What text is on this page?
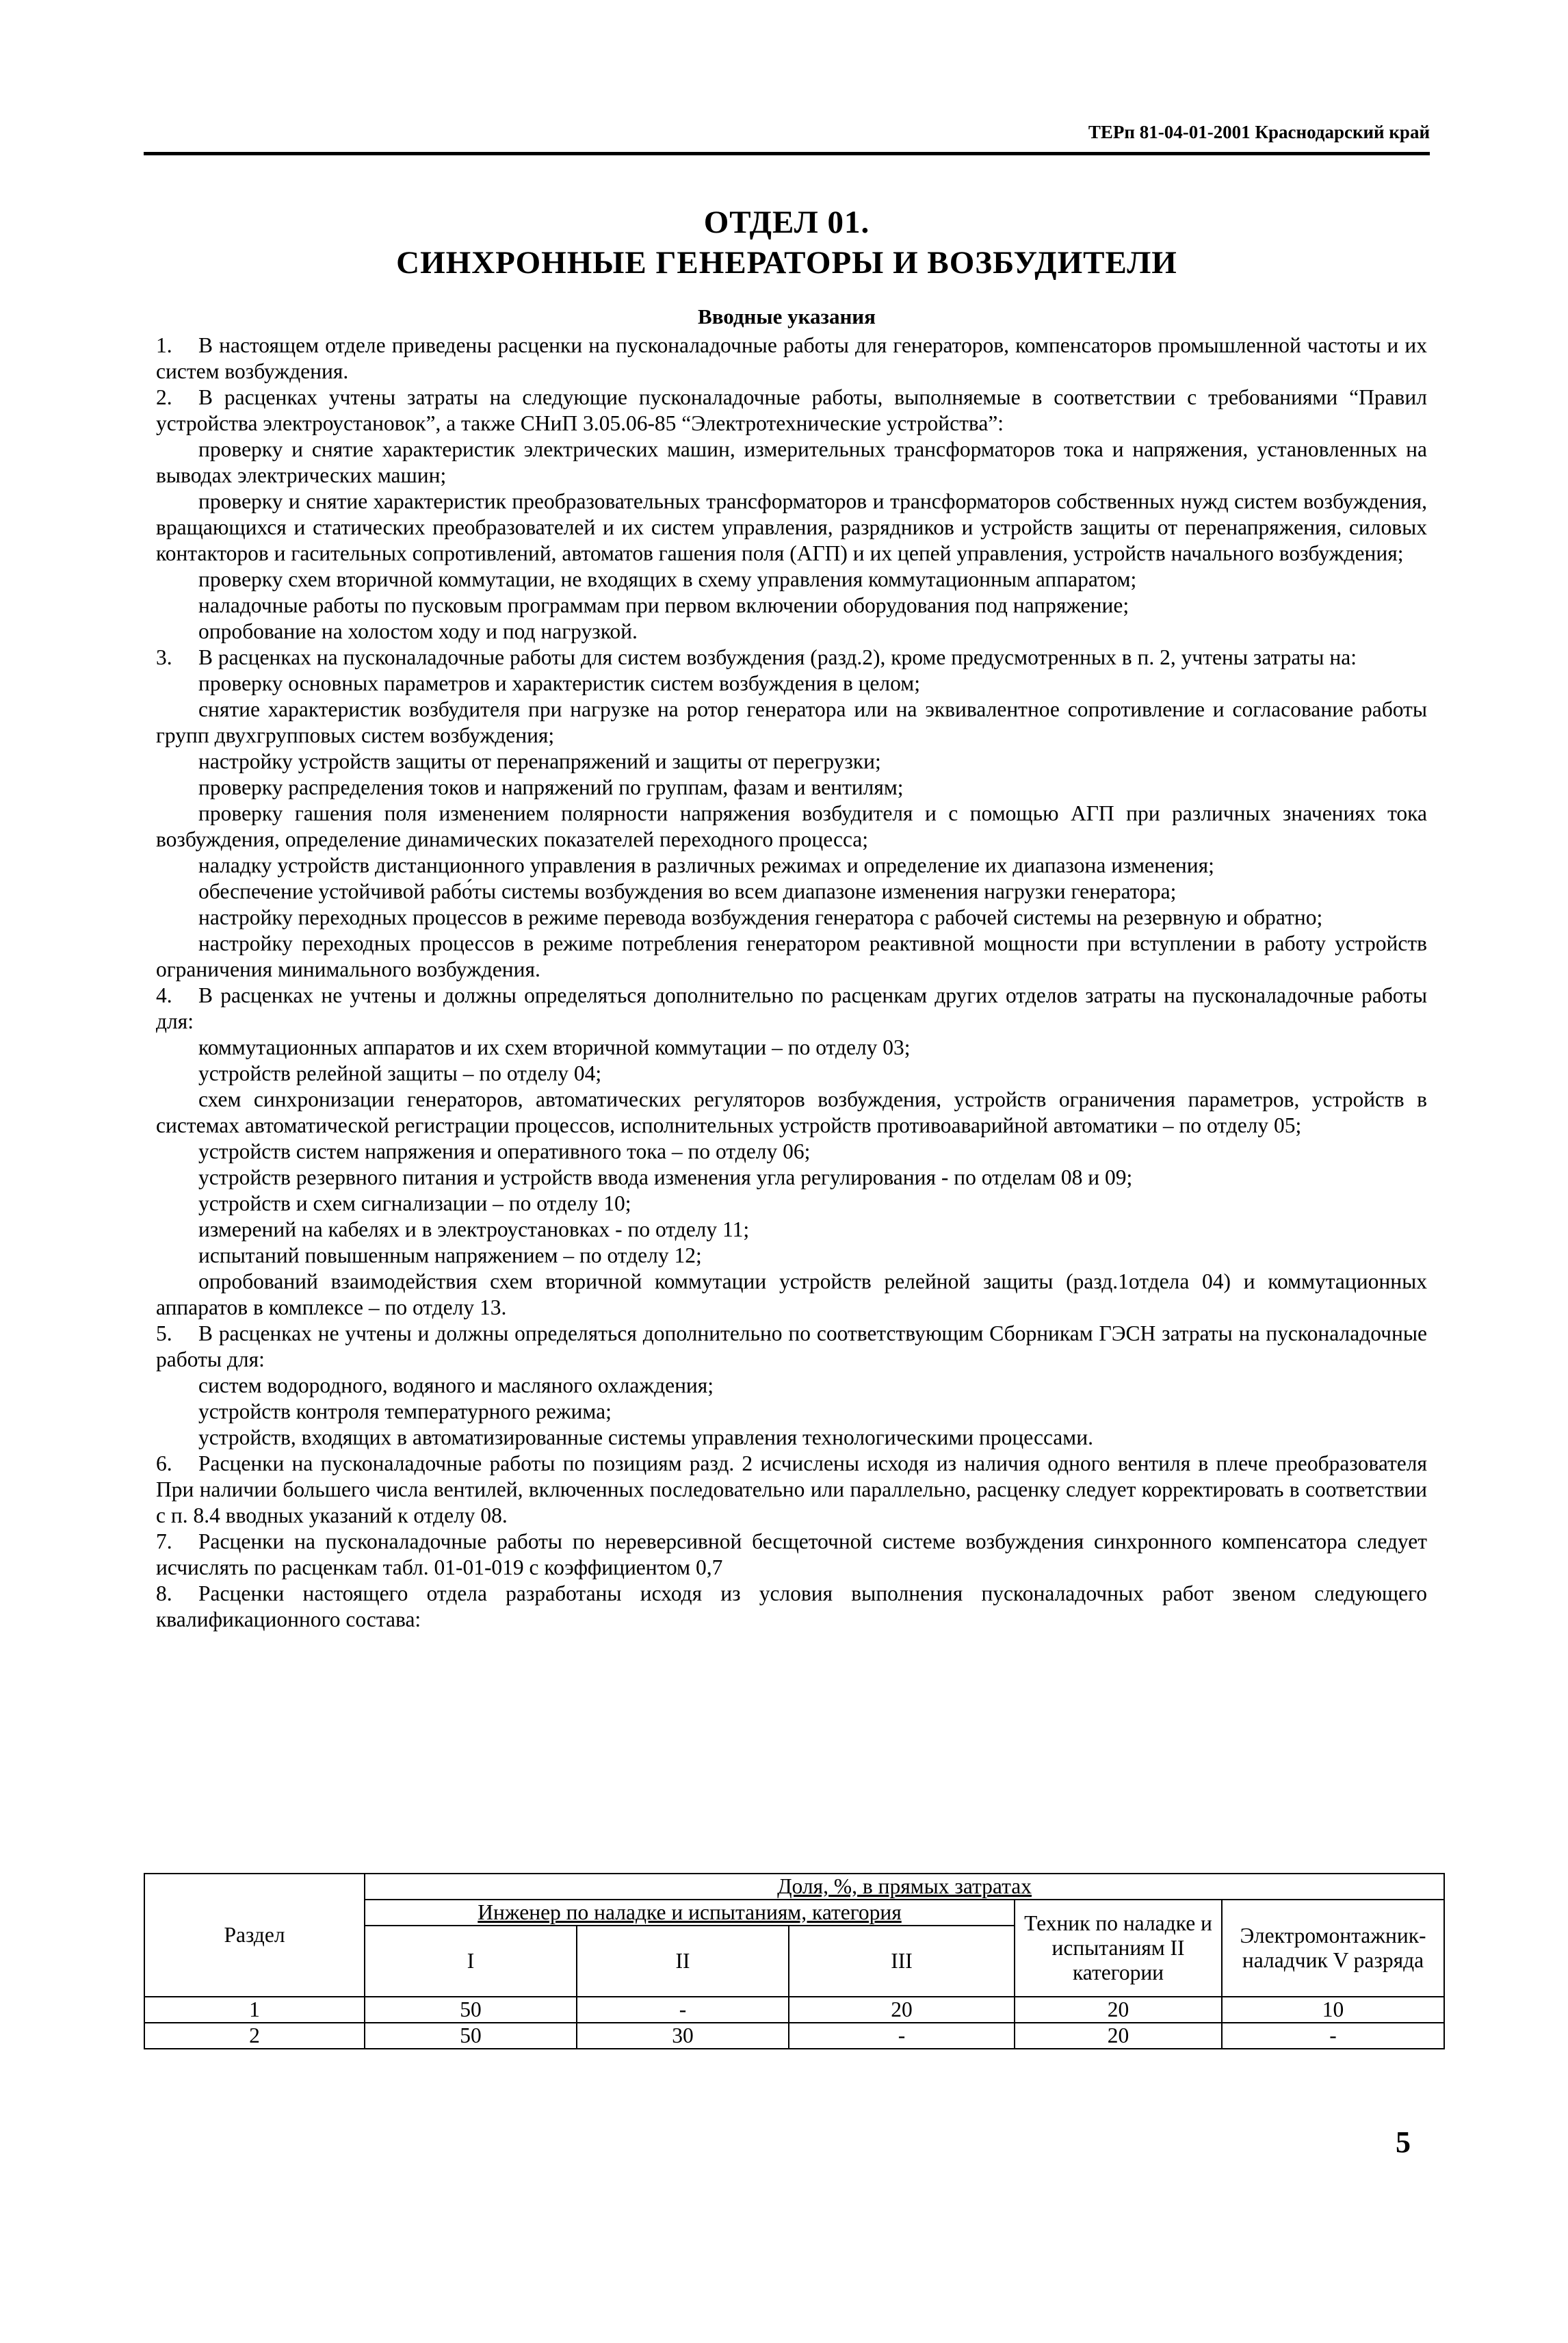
ТЕРп 81-04-01-2001 Краснодарский край
ОТДЕЛ 01.
СИНХРОННЫЕ ГЕНЕРАТОРЫ И ВОЗБУДИТЕЛИ
Вводные указания

1. В настоящем отделе приведены расценки на пусконаладочные работы для генераторов, компенсаторов промышленной частоты и их систем возбуждения.

2. В расценках учтены затраты на следующие пусконаладочные работы, выполняемые в соответствии с требованиями “Правил устройства электроустановок”, а также СНиП 3.05.06-85 “Электротехнические устройства”:

проверку и снятие характеристик электрических машин, измерительных трансформаторов тока и напряжения, установленных на выводах электрических машин;

проверку и снятие характеристик преобразовательных трансформаторов и трансформаторов собственных нужд систем возбуждения, вращающихся и статических преобразователей и их систем управления, разрядников и устройств защиты от перенапряжения, силовых контакторов и гасительных сопротивлений, автоматов гашения поля (АГП) и их цепей управления, устройств начального возбуждения;

проверку схем вторичной коммутации, не входящих в схему управления коммутационным аппаратом;

наладочные работы по пусковым программам при первом включении оборудования под напряжение;

опробование на холостом ходу и под нагрузкой.

3. В расценках на пусконаладочные работы для систем возбуждения (разд.2), кроме предусмотренных в п. 2, учтены затраты на:

проверку основных параметров и характеристик систем возбуждения в целом;

снятие характеристик возбудителя при нагрузке на ротор генератора или на эквивалентное сопротивление и согласование работы групп двухгрупповых систем возбуждения;

настройку устройств защиты от перенапряжений и защиты от перегрузки;

проверку распределения токов и напряжений по группам, фазам и вентилям;

проверку гашения поля изменением полярности напряжения возбудителя и с помощью АГП при различных значениях тока возбуждения, определение динамических показателей переходного процесса;

наладку устройств дистанционного управления в различных режимах и определение их диапазона изменения;

обеспечение устойчивой рабо́ты системы возбуждения во всем диапазоне изменения нагрузки генератора;

настройку переходных процессов в режиме перевода возбуждения генератора с рабочей системы на резервную и обратно;

настройку переходных процессов в режиме потребления генератором реактивной мощности при вступлении в работу устройств ограничения минимального возбуждения.

4. В расценках не учтены и должны определяться дополнительно по расценкам других отделов затраты на пусконаладочные работы для:

коммутационных аппаратов и их схем вторичной коммутации – по отделу 03;

устройств релейной защиты – по отделу 04;

схем синхронизации генераторов, автоматических регуляторов возбуждения, устройств ограничения параметров, устройств в системах автоматической регистрации процессов, исполнительных устройств противоаварийной автоматики – по отделу 05;

устройств систем напряжения и оперативного тока – по отделу 06;

устройств резервного питания и устройств ввода изменения угла регулирования - по отделам 08 и 09;

устройств и схем сигнализации – по отделу 10;

измерений на кабелях и в электроустановках - по отделу 11;

испытаний повышенным напряжением – по отделу 12;

опробований взаимодействия схем вторичной коммутации устройств релейной защиты (разд.1отдела 04) и коммутационных аппаратов в комплексе – по отделу 13.

5. В расценках не учтены и должны определяться дополнительно по соответствующим Сборникам ГЭСН затраты на пусконаладочные работы для:

систем водородного, водяного и масляного охлаждения;

устройств контроля температурного режима;

устройств, входящих в автоматизированные системы управления технологическими процессами.

6. Расценки на пусконаладочные работы по позициям разд. 2 исчислены исходя из наличия одного вентиля в плече преобразователя При наличии большего числа вентилей, включенных последовательно или параллельно, расценку следует корректировать в соответствии с п. 8.4 вводных указаний к отделу 08.

7. Расценки на пусконаладочные работы по нереверсивной бесщеточной системе возбуждения синхронного компенсатора следует исчислять по расценкам табл. 01-01-019 с коэффициентом 0,7

8. Расценки настоящего отдела разработаны исходя из условия выполнения пусконаладочных работ звеном следующего квалификационного состава:

Раздел	Доля, %, в прямых затратах				
	Инженер по наладке и испытаниям, категория			Техник по наладке и испытаниям II категории	Электромонтажник-наладчик V разряда
	I	II	III		
1	50	-	20	20	10
2	50	30	-	20	-
5
